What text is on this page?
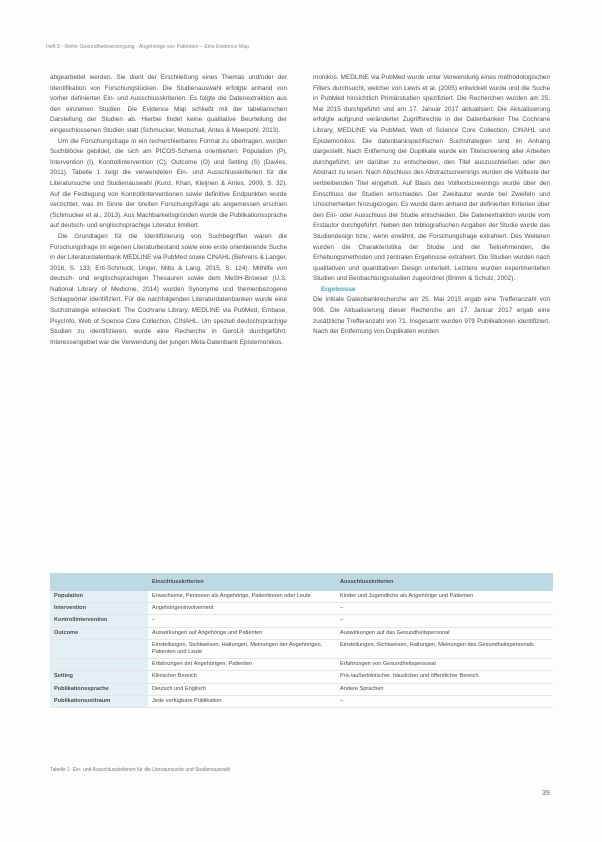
Heft 3 · Reihe Gesundheitsversorgung · Angehörige von Patienten – Eine Evidence Map

abgearbeitet werden. Sie dient der Erschließung eines Themas und/oder der Identifikation von Forschungslücken. Die Studienauswahl erfolgte anhand von vorher definierten Ein- und Ausschlusskriterien. Es folgte die Datenextraktion aus den einzelnen Studien. Die Evidence Map schließt mit der tabellarischen Darstellung der Studien ab. Hierbei findet keine qualitative Beurteilung der eingeschlossenen Studien statt (Schmucker, Motschall, Antes & Meerpohl, 2013).

Um die Forschungsfrage in ein recherchierbares Format zu übertragen, wurden Suchblöcke gebildet, die sich am PICOS-Schema orientierten: Population (P), Intervention (I), Kontrollintervention (C), Outcome (O) und Setting (S) (Davies, 2011). Tabelle 1 zeigt die verwendeten Ein- und Ausschlusskriterien für die Literatursuche und Studienauswahl (Kunz, Khan, Kleijnen & Antes, 2009, S. 32). Auf die Festlegung von Kontrollinterventionen sowie definitive Endpunkten wurde verzichtet, was im Sinne der breiten Forschungsfrage als angemessen erschien (Schmucker et al., 2013). Aus Machbarkeitsgründen wurde die Publikationssprache auf deutsch- und englischsprachige Literatur limitiert.

Die Grundlagen für die Identifizierung von Suchbegriffen waren die Forschungsfrage im eigenen Literaturbestand sowie eine erste orientierende Suche in der Literaturdatenbank MEDLINE via PubMed sowie CINAHL (Behrens & Langer, 2016, S. 133; Ertl-Schmuck, Unger, Mibs & Lang, 2015, S. 124). Mithilfe von deutsch- und englischsprachigen Thesauren sowie dem MeSH-Browser (U.S. National Library of Medicine, 2014) wurden Synonyme und themenbezogene Schlagwörter identifiziert. Für die nachfolgenden Literaturdatenbanken wurde eine Suchstrategie entwickelt: The Cochrane Library, MEDLINE via PubMed, Embase, PsycInfo, Web of Science Core Collection, CINAHL. Um speziell deutschsprachige Studien zu identifizieren, wurde eine Recherche in GeroLit durchgeführt. Interessengebiet war die Verwendung der jungen Meta-Datenbank Epistemonikos.

monikos. MEDLINE via PubMed wurde unter Verwendung eines methodologischen Filters durchsucht, welcher von Lewis et al. (2005) entwickelt wurde und die Suche in PubMed hinsichtlich Primärstudien spezifiziert. Die Recherchen wurden am 25. Mai 2015 durchgeführt und am 17. Januar 2017 aktualisiert. Die Aktualisierung erfolgte aufgrund veränderter Zugriffsrechte in der Datenbanken The Cochrane Library, MEDLINE via PubMed, Web of Science Core Collection, CINAHL und Epistemonikos. Die datenbankspezifischen Suchstrategien sind im Anhang dargestellt. Nach Entfernung der Duplikate wurde ein Titelscreening aller Arbeiten durchgeführt, um darüber zu entscheiden, den Titel auszuschließen oder den Abstract zu lesen. Nach Abschluss des Abstractscreenings wurden die Volltexte der verbleibenden Titel eingeholt. Auf Basis des Volltextscreenings wurde über den Einschluss der Studien entschieden. Der Zweitautor wurde bei Zweifeln und Unsicherheiten hinzugezogen. Es wurde dann anhand der definierten Kriterien über den Ein- oder Ausschluss der Studie entschieden. Die Datenextraktion wurde vom Erstautor durchgeführt. Neben den bibliografischen Angaben der Studie wurde das Studiendesign bzw., wenn erwähnt, die Forschungsfrage extrahiert. Des Weiteren wurden die Charakteristika der Studie und der Teilnehmenden, die Erhebungsmethoden und zentralen Ergebnisse extrahiert. Die Studien wurden nach qualitativen und quantitativen Design unterteilt. Letztere wurden experimentellen Studien und Beobachtungsstudien zugeordnet (Brimm & Schulz, 2002).

Ergebnisse

Die initiale Datenbankrecherche am 25. Mai 2015 ergab eine Trefferanzahl von 908. Die Aktualisierung dieser Recherche am 17. Januar 2017 ergab eine zusätzliche Trefferanzahl von 71. Insgesamt wurden 979 Publikationen identifiziert. Nach der Entfernung von Duplikaten wurden

	Einschlusskriterien	Ausschlusskriterien
Population	Erwachsene, Personen als Angehörige, Patientinnen oder Leute	Kinder und Jugendliche als Angehörige und Patienten
Intervention	Angehörigeninvolvement	–
Kontrollintervention	–	–
Outcome	Auswirkungen auf Angehörige und Patienten	Auswirkungen auf das Gesundheitspersonal
	Einstellungen, Sichtweisen, Haltungen, Meinungen der Angehörigen, Patienten und Leute	Einstellungen, Sichtweisen, Haltungen, Meinungen des Gesundheitspersonals
	Erfahrungen der Angehörigen, Patienten	Erfahrungen von Gesundheitspersonal
Setting	Klinischer Bereich	Prä-/außerklinischer, häuslicher und öffentlicher Bereich
Publikationssprache	Deutsch und Englisch	Andere Sprachen
Publikationszeitraum	Jede verfügbare Publikation	–
Tabelle 1: Ein- und Ausschlusskriterien für die Literatursuche und Studienauswahl
39
